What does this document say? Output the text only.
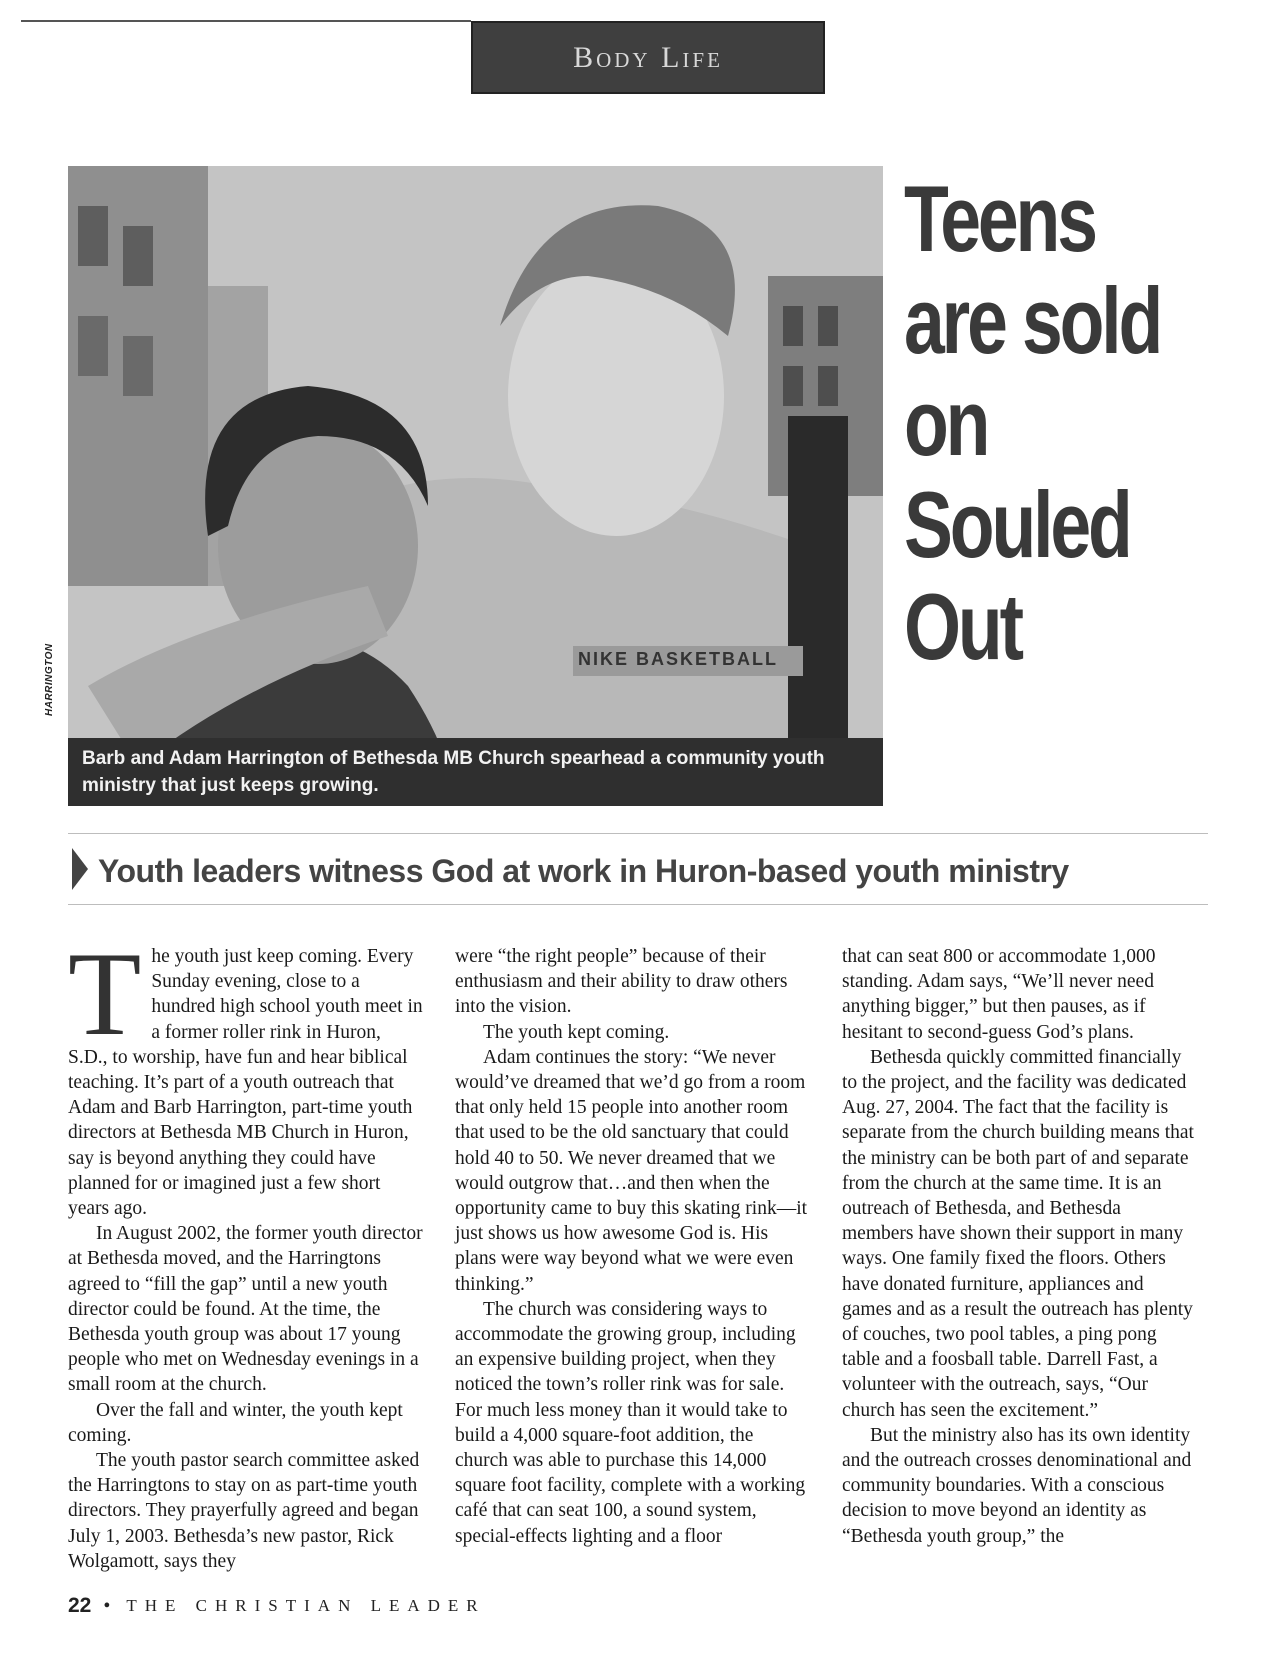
Body Life
NIKE BASKETBALL
Barb and Adam Harrington of Bethesda MB Church spearhead a community youth ministry that just keeps growing.
HARRINGTON
Teens
are sold
on
Souled
Out
Youth leaders witness God at work in Huron-based youth ministry
T he youth just keep coming. Every Sunday evening, close to a hundred high school youth meet in a former roller rink in Huron, S.D., to worship, have fun and hear biblical teaching. It’s part of a youth outreach that Adam and Barb Harrington, part-time youth directors at Bethesda MB Church in Huron, say is beyond anything they could have planned for or imagined just a few short years ago.

In August 2002, the former youth director at Bethesda moved, and the Harringtons agreed to “fill the gap” until a new youth director could be found. At the time, the Bethesda youth group was about 17 young people who met on Wednesday evenings in a small room at the church.

Over the fall and winter, the youth kept coming.

The youth pastor search committee asked the Harringtons to stay on as part-time youth directors. They prayerfully agreed and began July 1, 2003. Bethesda’s new pastor, Rick Wolgamott, says they

were “the right people” because of their enthusiasm and their ability to draw others into the vision.

The youth kept coming.

Adam continues the story: “We never would’ve dreamed that we’d go from a room that only held 15 people into another room that used to be the old sanctuary that could hold 40 to 50. We never dreamed that we would outgrow that…and then when the opportunity came to buy this skating rink—it just shows us how awesome God is. His plans were way beyond what we were even thinking.”

The church was considering ways to accommodate the growing group, including an expensive building project, when they noticed the town’s roller rink was for sale. For much less money than it would take to build a 4,000 square-foot addition, the church was able to purchase this 14,000 square foot facility, complete with a working café that can seat 100, a sound system, special-effects lighting and a floor

that can seat 800 or accommodate 1,000 standing. Adam says, “We’ll never need anything bigger,” but then pauses, as if hesitant to second-guess God’s plans.

Bethesda quickly committed financially to the project, and the facility was dedicated Aug. 27, 2004. The fact that the facility is separate from the church building means that the ministry can be both part of and separate from the church at the same time. It is an outreach of Bethesda, and Bethesda members have shown their support in many ways. One family fixed the floors. Others have donated furniture, appliances and games and as a result the outreach has plenty of couches, two pool tables, a ping pong table and a foosball table. Darrell Fast, a volunteer with the outreach, says, “Our church has seen the excitement.”

But the ministry also has its own identity and the outreach crosses denominational and community boundaries. With a conscious decision to move beyond an identity as “Bethesda youth group,” the

22 • THE CHRISTIAN LEADER
